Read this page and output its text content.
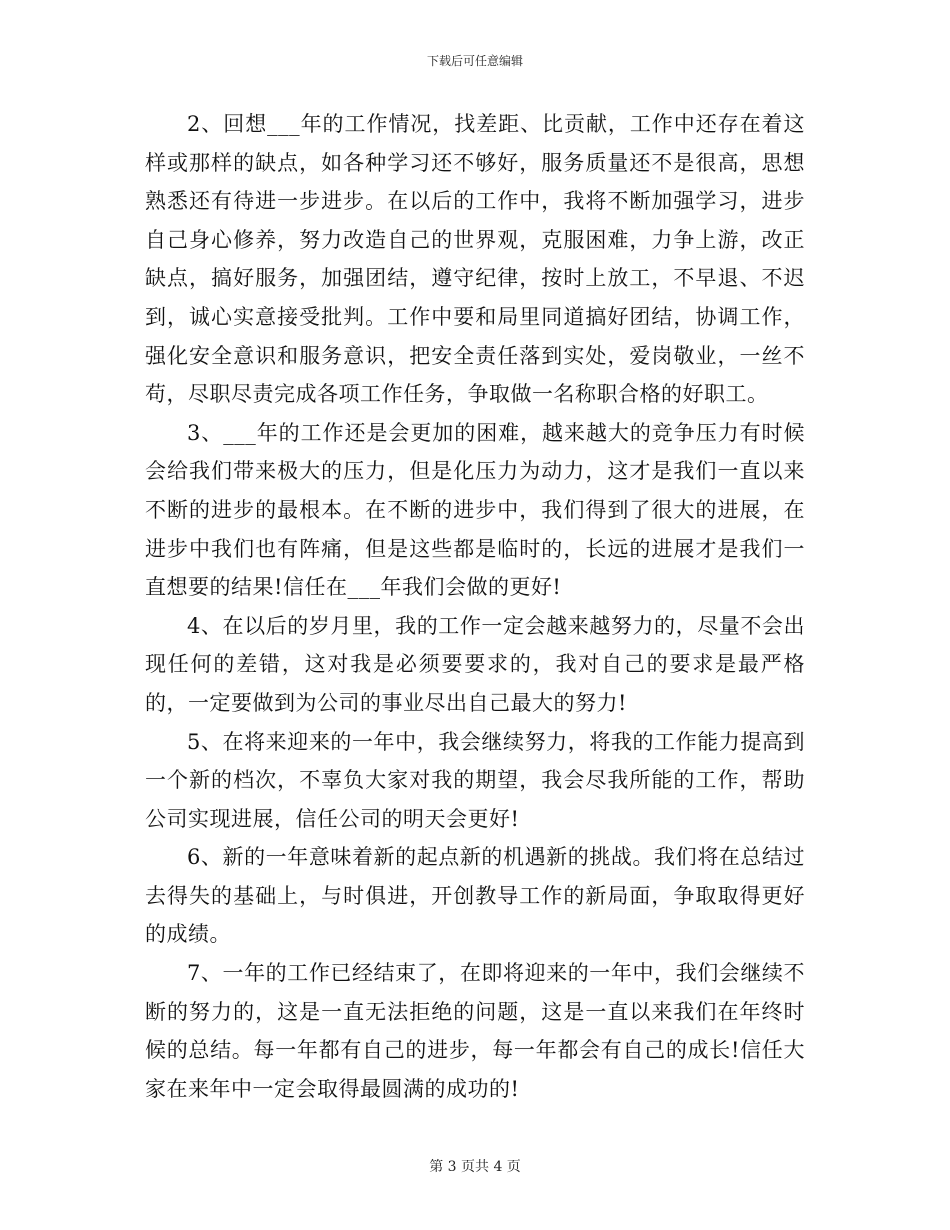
下载后可任意编辑

2、回想___年的工作情况，找差距、比贡献，工作中还存在着这样或那样的缺点，如各种学习还不够好，服务质量还不是很高，思想熟悉还有待进一步进步。在以后的工作中，我将不断加强学习，进步自己身心修养，努力改造自己的世界观，克服困难，力争上游，改正缺点，搞好服务，加强团结，遵守纪律，按时上放工，不早退、不迟到，诚心实意接受批判。工作中要和局里同道搞好团结，协调工作，强化安全意识和服务意识，把安全责任落到实处，爱岗敬业，一丝不苟，尽职尽责完成各项工作任务，争取做一名称职合格的好职工。

3、___年的工作还是会更加的困难，越来越大的竞争压力有时候会给我们带来极大的压力，但是化压力为动力，这才是我们一直以来不断的进步的最根本。在不断的进步中，我们得到了很大的进展，在进步中我们也有阵痛，但是这些都是临时的，长远的进展才是我们一直想要的结果!信任在___年我们会做的更好!

4、在以后的岁月里，我的工作一定会越来越努力的，尽量不会出现任何的差错，这对我是必须要要求的，我对自己的要求是最严格的，一定要做到为公司的事业尽出自己最大的努力!

5、在将来迎来的一年中，我会继续努力，将我的工作能力提高到一个新的档次，不辜负大家对我的期望，我会尽我所能的工作，帮助公司实现进展，信任公司的明天会更好!

6、新的一年意味着新的起点新的机遇新的挑战。我们将在总结过去得失的基础上，与时俱进，开创教导工作的新局面，争取取得更好的成绩。

7、一年的工作已经结束了，在即将迎来的一年中，我们会继续不断的努力的，这是一直无法拒绝的问题，这是一直以来我们在年终时候的总结。每一年都有自己的进步，每一年都会有自己的成长!信任大家在来年中一定会取得最圆满的成功的!

第 3 页共 4 页
